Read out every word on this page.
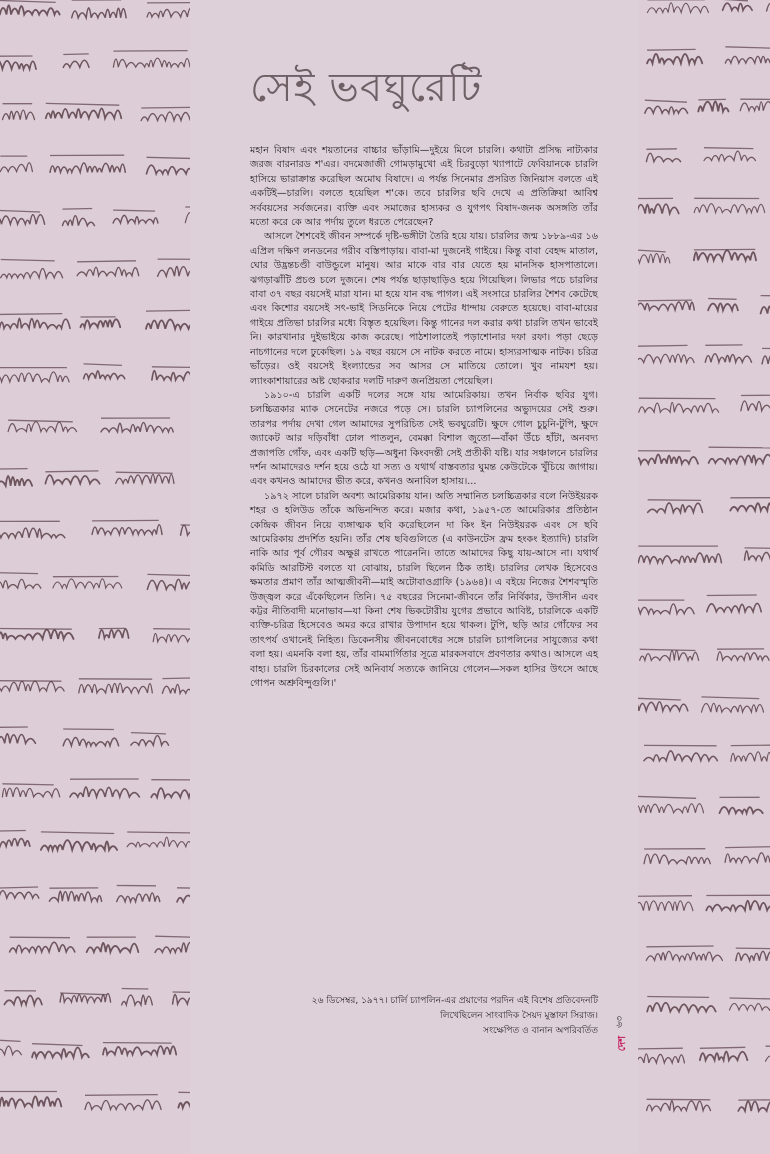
সেই ভবঘুরেটি

মহান বিষাদ এবং শয়তানের বাচ্চার ভাঁড়ামি—দুইয়ে মিলে চারলি। কথাটা প্রসিদ্ধ নাট্যকার জরজ বারনারড শ'এর। বদমেজাজী গোমড়ামুখো এই চিরবুড়ো খ্যাপাটে ফেবিয়ানকে চারলি হাসিয়ে ভারাক্রান্ত করেছিল অমোঘ বিষাদে। এ পর্যন্ত সিনেমার প্রসরিত জিনিয়াস বলতে এই একটিই—চারলি। বলতে হয়েছিল শ'কে। তবে চারলির ছবি দেখে এ প্রতিক্রিয়া আবিশ্ব সর্ববয়সের সর্বজনের। ব্যক্তি এবং সমাজের হাস্যকর ও যুগপৎ বিষাদ-জনক অসঙ্গতি তাঁর মতো করে কে আর পর্দায় তুলে ধরতে পেরেছেন?

আসলে শৈশবেই জীবন সম্পর্কে দৃষ্টি-ভঙ্গীটা তৈরি হয়ে যায়। চারলির জন্ম ১৮৮৯-এর ১৬ এপ্রিল দক্ষিণ লনডনের গরীব বস্তিপাড়ায়। বাবা-মা দুজনেই গাইয়ে। কিন্তু বাবা বেহদ্দ মাতাল, ঘোর উদ্ভ্রন্তচণ্ডী বাউন্ডুলে মানুষ। আর মাকে বার বার যেতে হয় মানসিক হাসপাতালে। ঝগড়াঝাঁটি প্রচণ্ড চলে দুজনে। শেষ পর্যন্ত ছাড়াছাড়িও হয়ে গিয়েছিল। লিভার পচে চারলির বাবা ৩৭ বছর বয়সেই মারা যান। মা হয়ে যান বদ্ধ পাগল। এই সংসারে চারলির শৈশব কেটেছে এবং কিশোর বয়সেই সৎ-ভাই সিডনিকে নিয়ে পেটের ধান্দায় বেরুতে হয়েছে। বাবা-মায়ের গাইয়ে প্রতিভা চারলির মধ্যে বিস্তৃত হয়েছিল। কিন্তু গানের দল করার কথা চারলি তখন ভাবেই নি। কারখানার দুইভাইয়ে কাজ করেছে। পাঠশালাতেই পড়াশোনার দফা রফা। পড়া ছেড়ে নাচগানের দলে ঢুকেছিল। ১৯ বছর বয়সে সে নাটক করতে নামে। হাস্যরসাত্মক নাটক। চরিত্র ভাঁড়ের। ওই বয়সেই ইংল্যান্ডের সব আসর সে মাতিয়ে তোলে। খুব নামযশ হয়। ল্যাংকাশায়ারের অষ্ট ছোকরার দলটি দারুণ জনপ্রিয়তা পেয়েছিল।

১৯১০-এ চারলি একটি দলের সঙ্গে যায় আমেরিকায়। তখন নির্বাক ছবির যুগ। চলচ্চিত্রকার ম্যাক সেনেটের নজরে পড়ে সে। চারলি চ্যাপলিনের অভ্যুদয়ের সেই শুরু। তারপর পর্দায় দেখা গেল আমাদের সুপরিচিত সেই ভবঘুরেটি। ক্ষুদে গোল চুচুনি-টুপি, ক্ষুদে জ্যাকেট আর দড়িবাঁধা ঢোল পাতলুন, বেমক্কা বিশাল জুতো—বাঁকা উঁচে হাঁটা, অনবদ্য প্রজাপতি গোঁফ, এবং একটি ছড়ি—অধুনা কিংবদন্তী সেই প্রতীকী যষ্টি। যার সঞ্চালনে চারলির দর্শন আমাদেরও দর্শন হয়ে ওঠে যা সত্য ও যথার্থ বাস্তবতার ঘুমন্ত কেউটেকে খুঁচিয়ে জাগায়। এবং কখনও আমাদের ভীত করে, কখনও অনাবিল হাসায়।...

১৯৭২ সালে চারলি অবশ্য আমেরিকায় যান। অতি সম্মানিত চলচ্চিত্রকার বলে নিউইয়রক শহর ও হলিউড তাঁকে অভিনন্দিত করে। মজার কথা, ১৯৫৭-তে আমেরিকার প্রতিষ্ঠান কেন্দ্রিক জীবন নিয়ে ব্যঙ্গাত্মক ছবি করেছিলেন দা কিং ইন নিউইয়রক এবং সে ছবি আমেরিকায় প্রদর্শিত হয়নি। তাঁর শেষ ছবিগুলিতে (এ কাউনটেস ফ্রম হংকং ইত্যাদি) চারলি নাকি আর পূর্ব গৌরব অক্ষুণ্ণ রাখতে পারেননি। তাতে আমাদের কিছু যায়-আসে না। যথার্থ কমিডি আরটিস্ট বলতে যা বোঝায়, চারলি ছিলেন ঠিক তাই। চারলির লেখক হিসেবেও ক্ষমতার প্রমাণ তাঁর আত্মজীবনী—মাই অটোবাওগ্রাফি (১৯৬৪)। এ বইয়ে নিজের শৈশবস্মৃতি উজ্জ্বল করে এঁকেছিলেন তিনি। ৭৫ বছরের সিনেমা-জীবনে তাঁর নির্বিকার, উদাসীন এবং কট্টর নীতিবাদী মনোভাব—যা কিনা শেষ ভিকটোরীয় যুগের প্রভাবে আবিষ্ট, চারলিকে একটি ব্যক্তি-চরিত্র হিসেবেও অমর করে রাখার উপাদান হয়ে থাকল। টুপি, ছড়ি আর গোঁফের সব তাৎপর্য ওখানেই নিহিত। ডিকেনসীয় জীবনবোধের সঙ্গে চারলি চ্যাপলিনের সাযুজ্যের কথা বলা হয়। এমনকি বলা হয়, তাঁর বামমার্গিতার সূত্রে মারকসবাদে প্রবণতার কথাও। আসলে এহ বাহ্য। চারলি চিরকালের সেই অনিবার্য সত্যকে জানিয়ে গেলেন—সকল হাসির উৎসে আছে গোপন অশ্রুবিন্দুগুলি।'

২৬ ডিসেম্বর, ১৯৭৭। চার্লি চ্যাপলিন-এর প্রয়াণের পরদিন এই বিশেষ প্রতিবেদনটি
লিখেছিলেন সাংবাদিক সৈয়দ মুস্তাফা সিরাজ।
সংক্ষেপিত ও বানান অপরিবর্তিত
৬৩
দেশ
